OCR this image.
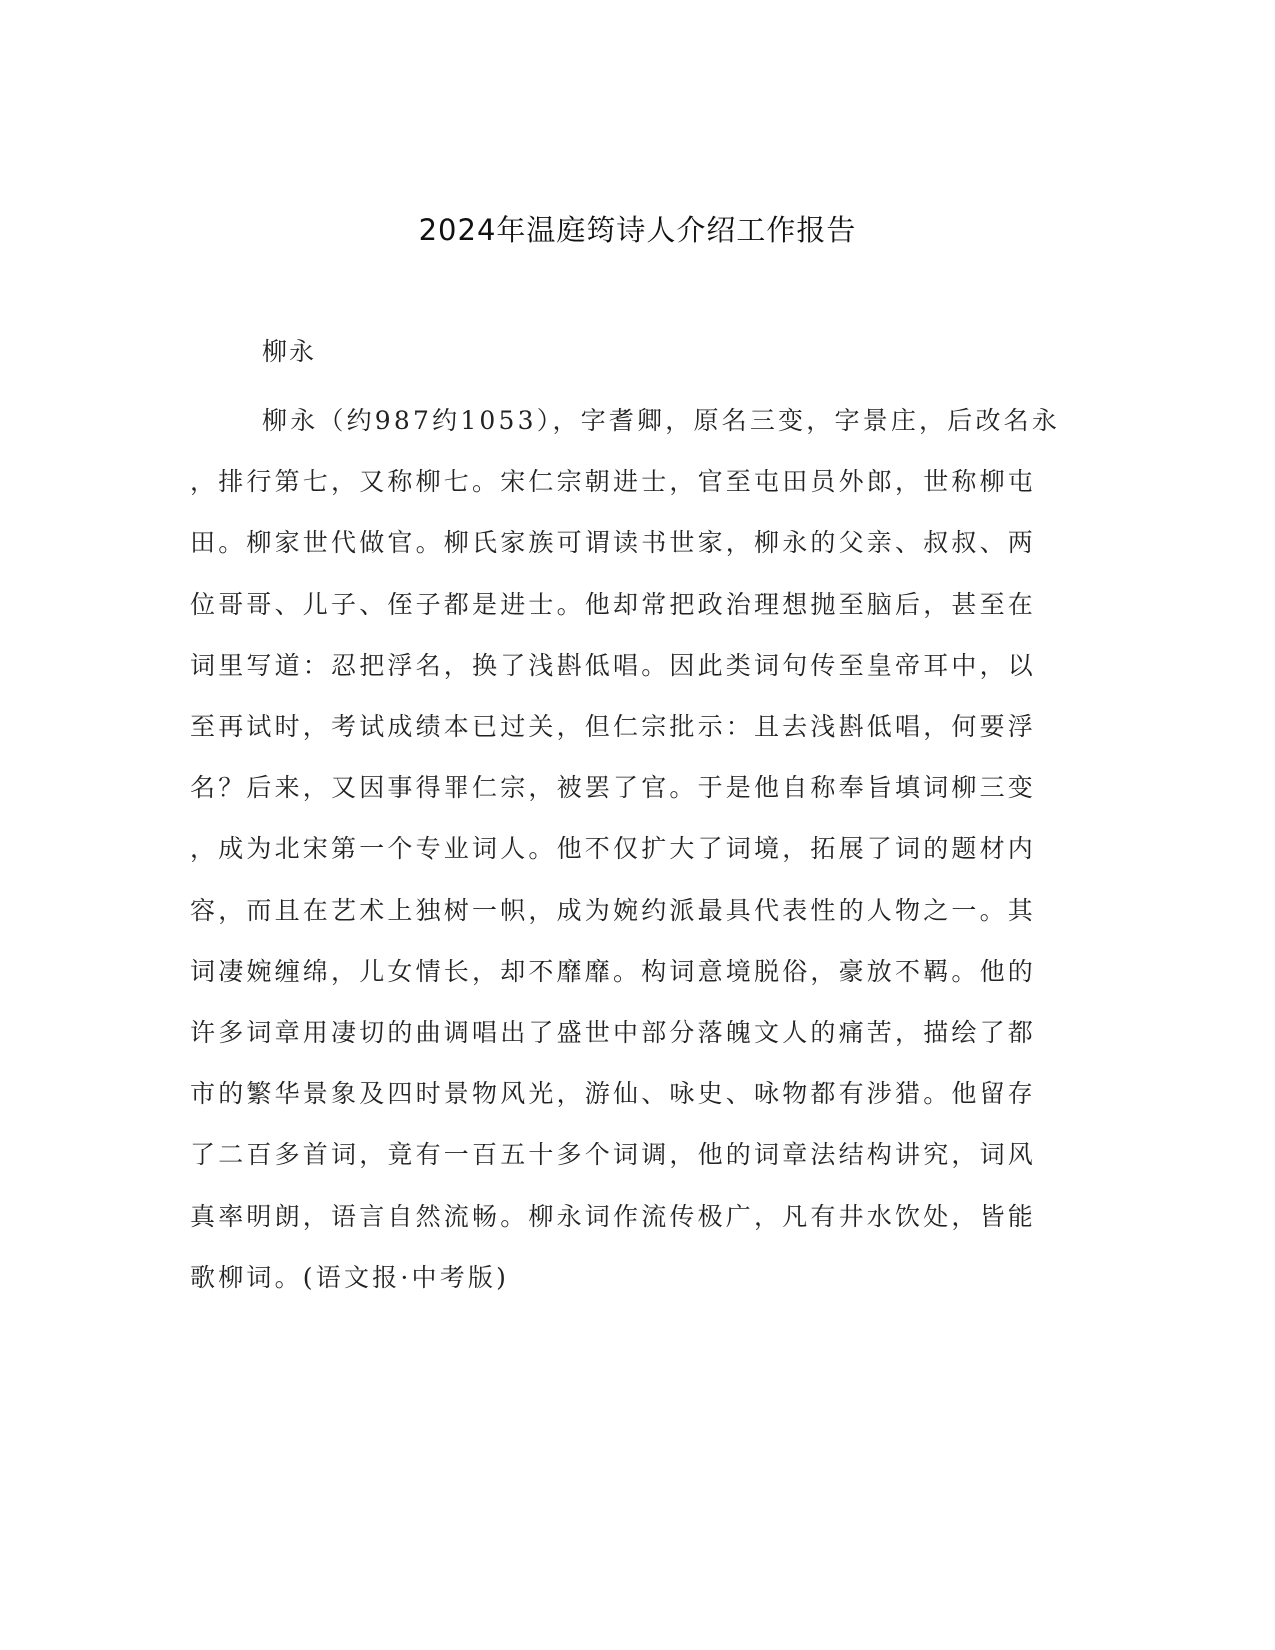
2024年温庭筠诗人介绍工作报告
柳永
柳永（约987约1053），字耆卿，原名三变，字景庄，后改名永
，排行第七，又称柳七。宋仁宗朝进士，官至屯田员外郎，世称柳屯
田。柳家世代做官。柳氏家族可谓读书世家，柳永的父亲、叔叔、两
位哥哥、儿子、侄子都是进士。他却常把政治理想抛至脑后，甚至在
词里写道：忍把浮名，换了浅斟低唱。因此类词句传至皇帝耳中，以
至再试时，考试成绩本已过关，但仁宗批示：且去浅斟低唱，何要浮
名？后来，又因事得罪仁宗，被罢了官。于是他自称奉旨填词柳三变
，成为北宋第一个专业词人。他不仅扩大了词境，拓展了词的题材内
容，而且在艺术上独树一帜，成为婉约派最具代表性的人物之一。其
词凄婉缠绵，儿女情长，却不靡靡。构词意境脱俗，豪放不羁。他的
许多词章用凄切的曲调唱出了盛世中部分落魄文人的痛苦，描绘了都
市的繁华景象及四时景物风光，游仙、咏史、咏物都有涉猎。他留存
了二百多首词，竟有一百五十多个词调，他的词章法结构讲究，词风
真率明朗，语言自然流畅。柳永词作流传极广，凡有井水饮处，皆能
歌柳词。(语文报·中考版)
